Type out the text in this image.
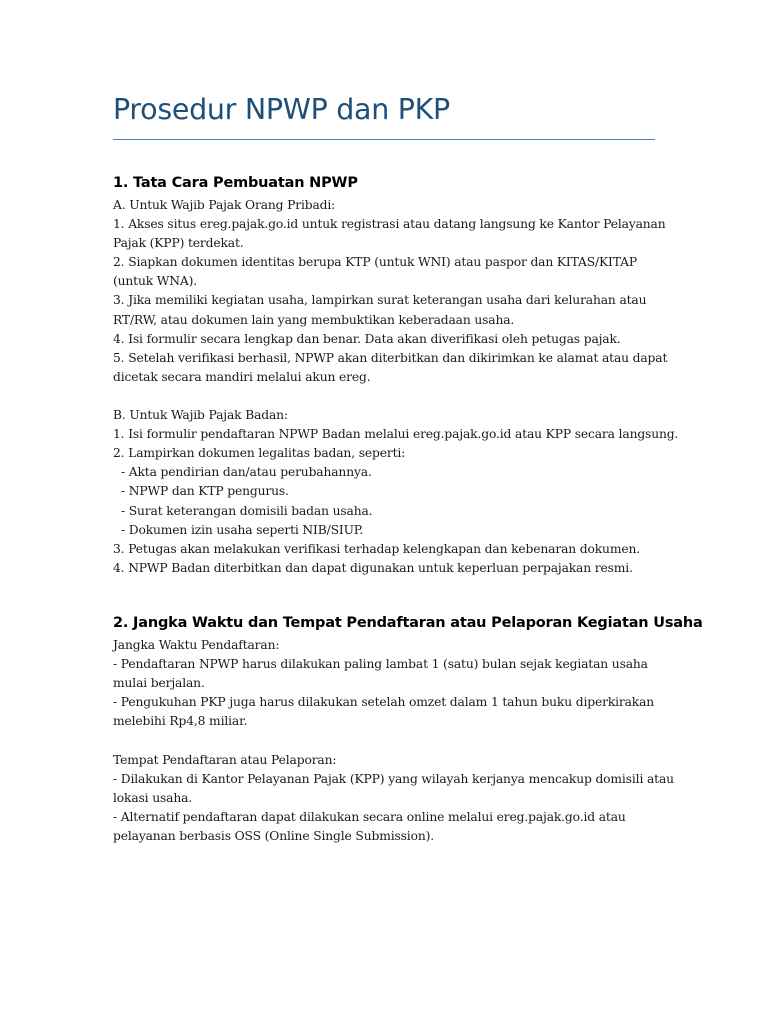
Prosedur NPWP dan PKP
1. Tata Cara Pembuatan NPWP
A. Untuk Wajib Pajak Orang Pribadi:
1. Akses situs ereg.pajak.go.id untuk registrasi atau datang langsung ke Kantor Pelayanan
Pajak (KPP) terdekat.
2. Siapkan dokumen identitas berupa KTP (untuk WNI) atau paspor dan KITAS/KITAP
(untuk WNA).
3. Jika memiliki kegiatan usaha, lampirkan surat keterangan usaha dari kelurahan atau
RT/RW, atau dokumen lain yang membuktikan keberadaan usaha.
4. Isi formulir secara lengkap dan benar. Data akan diverifikasi oleh petugas pajak.
5. Setelah verifikasi berhasil, NPWP akan diterbitkan dan dikirimkan ke alamat atau dapat
dicetak secara mandiri melalui akun ereg.
B. Untuk Wajib Pajak Badan:
1. Isi formulir pendaftaran NPWP Badan melalui ereg.pajak.go.id atau KPP secara langsung.
2. Lampirkan dokumen legalitas badan, seperti:
- Akta pendirian dan/atau perubahannya.
- NPWP dan KTP pengurus.
- Surat keterangan domisili badan usaha.
- Dokumen izin usaha seperti NIB/SIUP.
3. Petugas akan melakukan verifikasi terhadap kelengkapan dan kebenaran dokumen.
4. NPWP Badan diterbitkan dan dapat digunakan untuk keperluan perpajakan resmi.
2. Jangka Waktu dan Tempat Pendaftaran atau Pelaporan Kegiatan Usaha
Jangka Waktu Pendaftaran:
- Pendaftaran NPWP harus dilakukan paling lambat 1 (satu) bulan sejak kegiatan usaha
mulai berjalan.
- Pengukuhan PKP juga harus dilakukan setelah omzet dalam 1 tahun buku diperkirakan
melebihi Rp4,8 miliar.
Tempat Pendaftaran atau Pelaporan:
- Dilakukan di Kantor Pelayanan Pajak (KPP) yang wilayah kerjanya mencakup domisili atau
lokasi usaha.
- Alternatif pendaftaran dapat dilakukan secara online melalui ereg.pajak.go.id atau
pelayanan berbasis OSS (Online Single Submission).
